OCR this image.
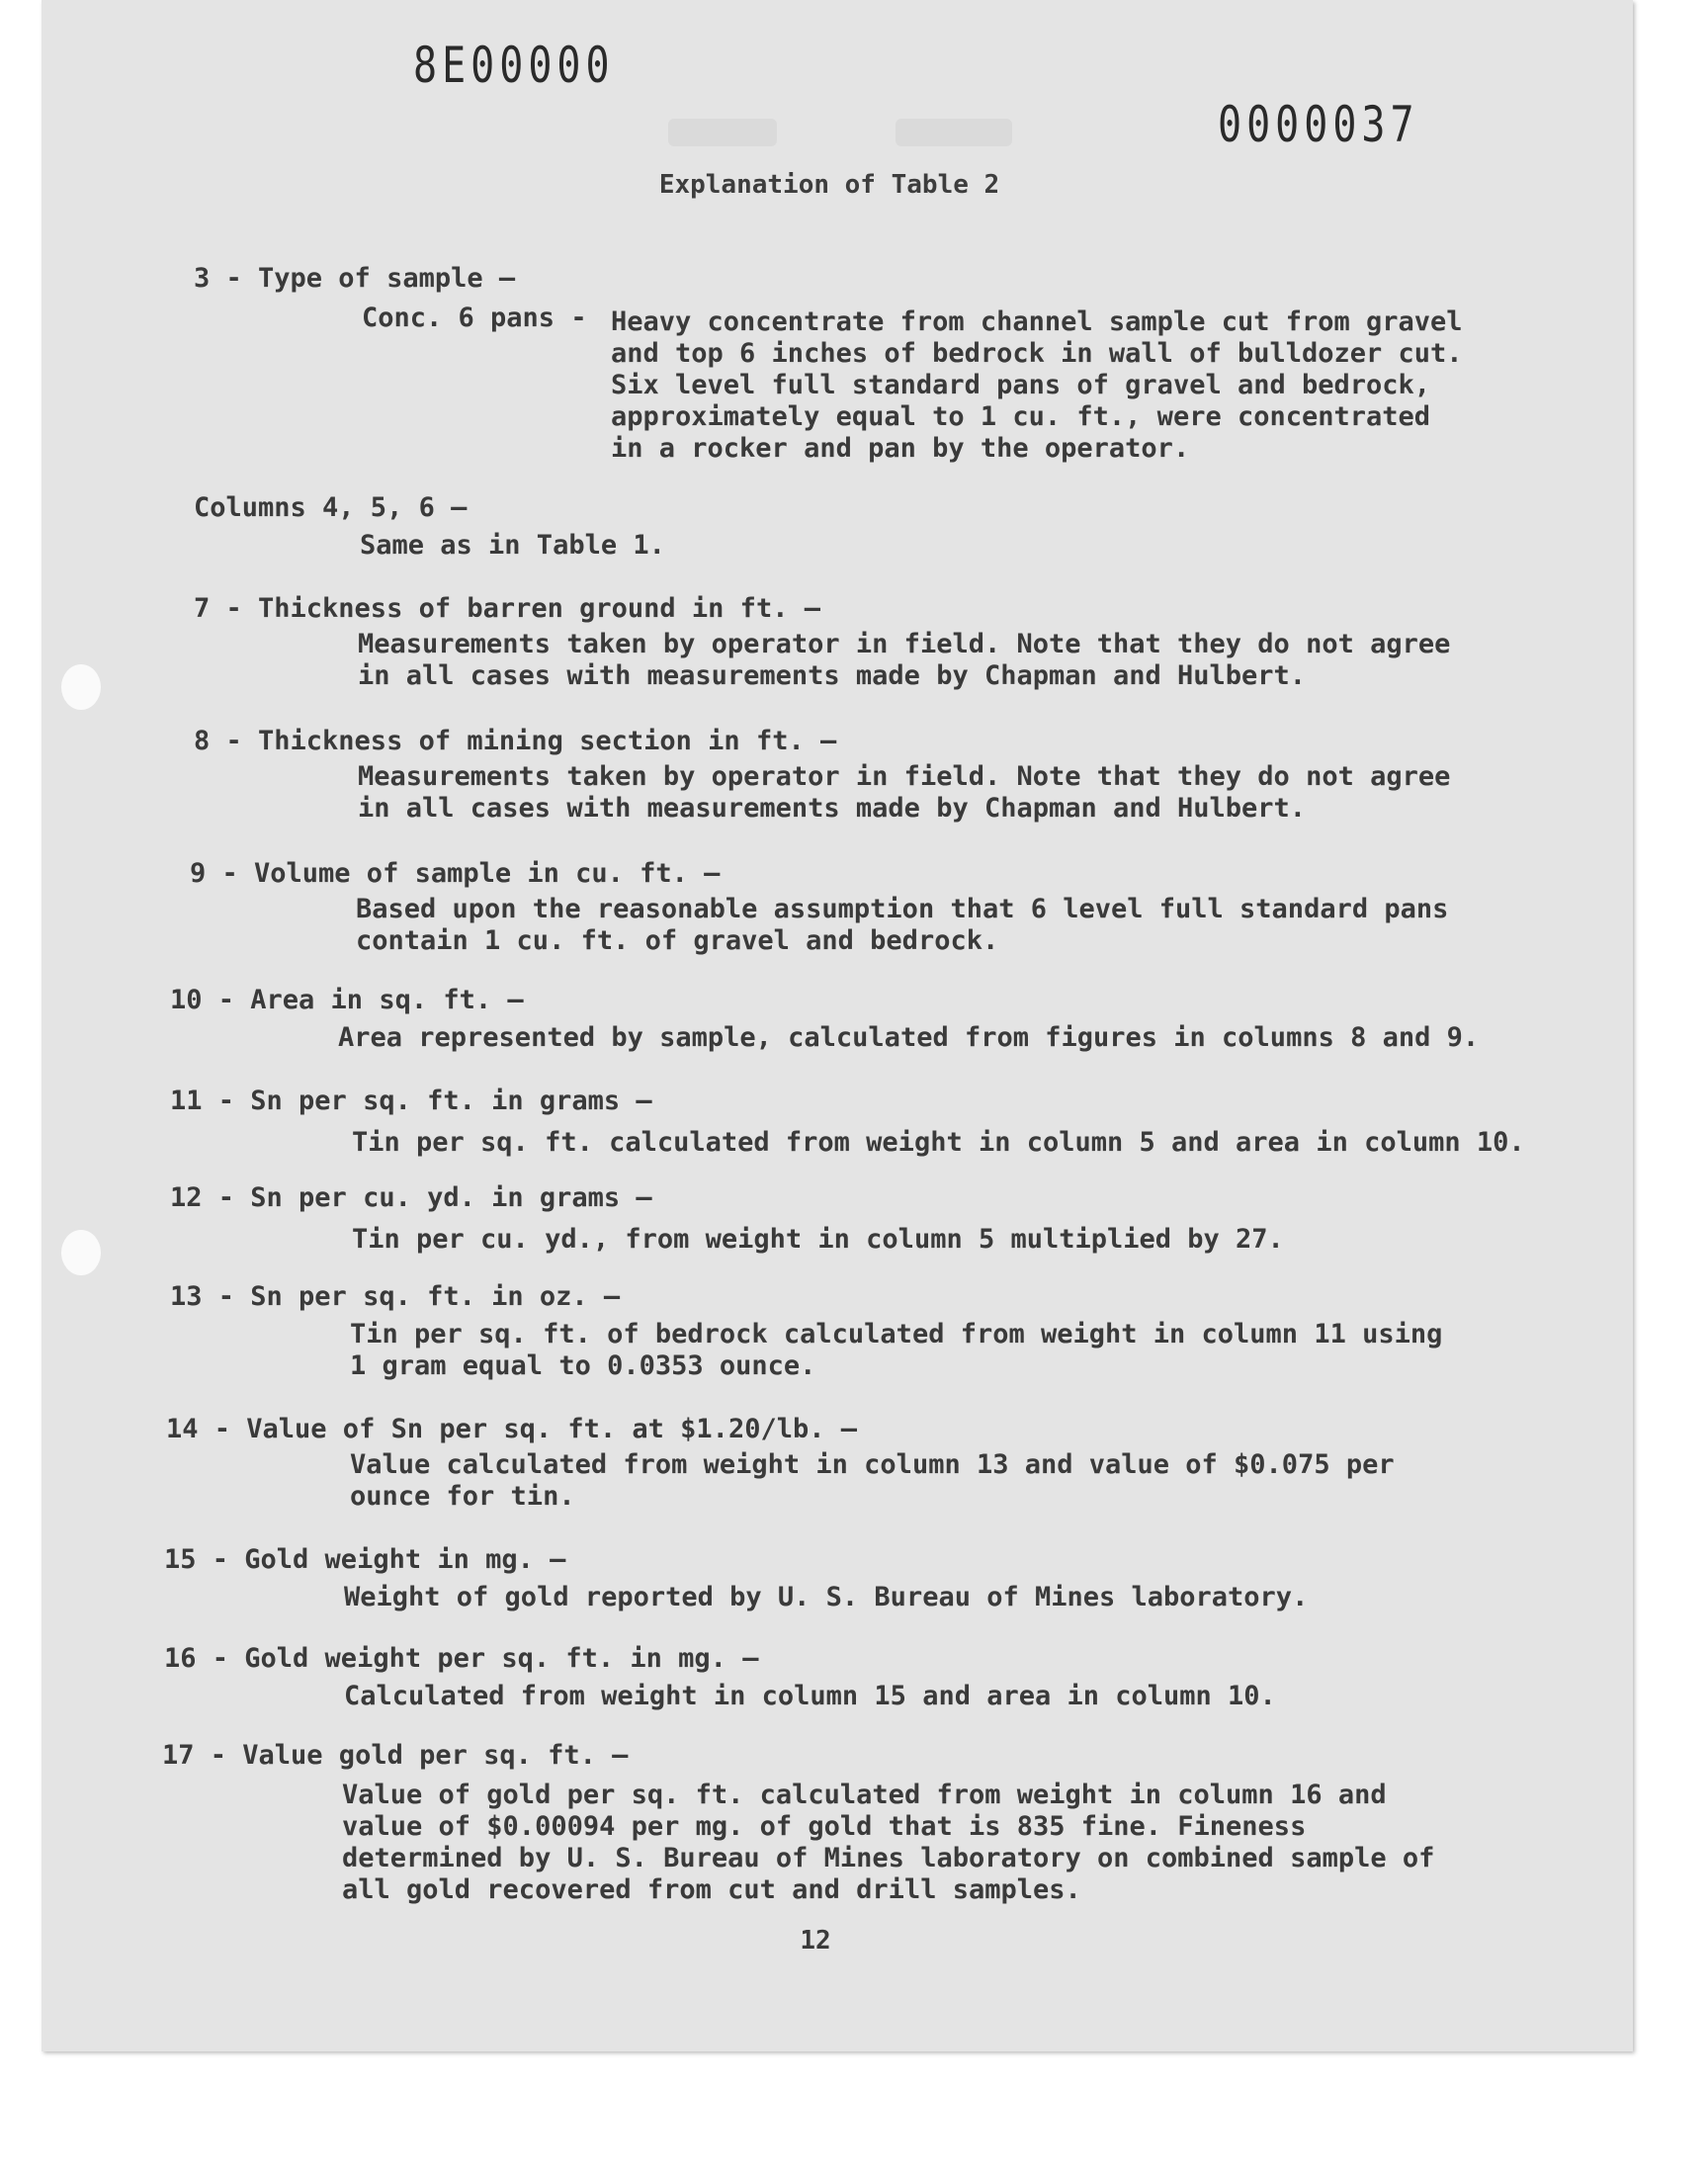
8E00000
0000037
Explanation of Table 2
3 - Type of sample —
Conc. 6 pans - Heavy concentrate from channel sample cut from gravel
and top 6 inches of bedrock in wall of bulldozer cut.
Six level full standard pans of gravel and bedrock,
approximately equal to 1 cu. ft., were concentrated
in a rocker and pan by the operator.
Columns 4, 5, 6 —
Same as in Table 1.
7 - Thickness of barren ground in ft. —
Measurements taken by operator in field. Note that they do not agree
in all cases with measurements made by Chapman and Hulbert.
8 - Thickness of mining section in ft. —
Measurements taken by operator in field. Note that they do not agree
in all cases with measurements made by Chapman and Hulbert.
9 - Volume of sample in cu. ft. —
Based upon the reasonable assumption that 6 level full standard pans
contain 1 cu. ft. of gravel and bedrock.
10 - Area in sq. ft. —
Area represented by sample, calculated from figures in columns 8 and 9.
11 - Sn per sq. ft. in grams —
Tin per sq. ft. calculated from weight in column 5 and area in column 10.
12 - Sn per cu. yd. in grams —
Tin per cu. yd., from weight in column 5 multiplied by 27.
13 - Sn per sq. ft. in oz. —
Tin per sq. ft. of bedrock calculated from weight in column 11 using
1 gram equal to 0.0353 ounce.
14 - Value of Sn per sq. ft. at $1.20/lb. —
Value calculated from weight in column 13 and value of $0.075 per
ounce for tin.
15 - Gold weight in mg. —
Weight of gold reported by U. S. Bureau of Mines laboratory.
16 - Gold weight per sq. ft. in mg. —
Calculated from weight in column 15 and area in column 10.
17 - Value gold per sq. ft. —
Value of gold per sq. ft. calculated from weight in column 16 and
value of $0.00094 per mg. of gold that is 835 fine. Fineness
determined by U. S. Bureau of Mines laboratory on combined sample of
all gold recovered from cut and drill samples.
12
